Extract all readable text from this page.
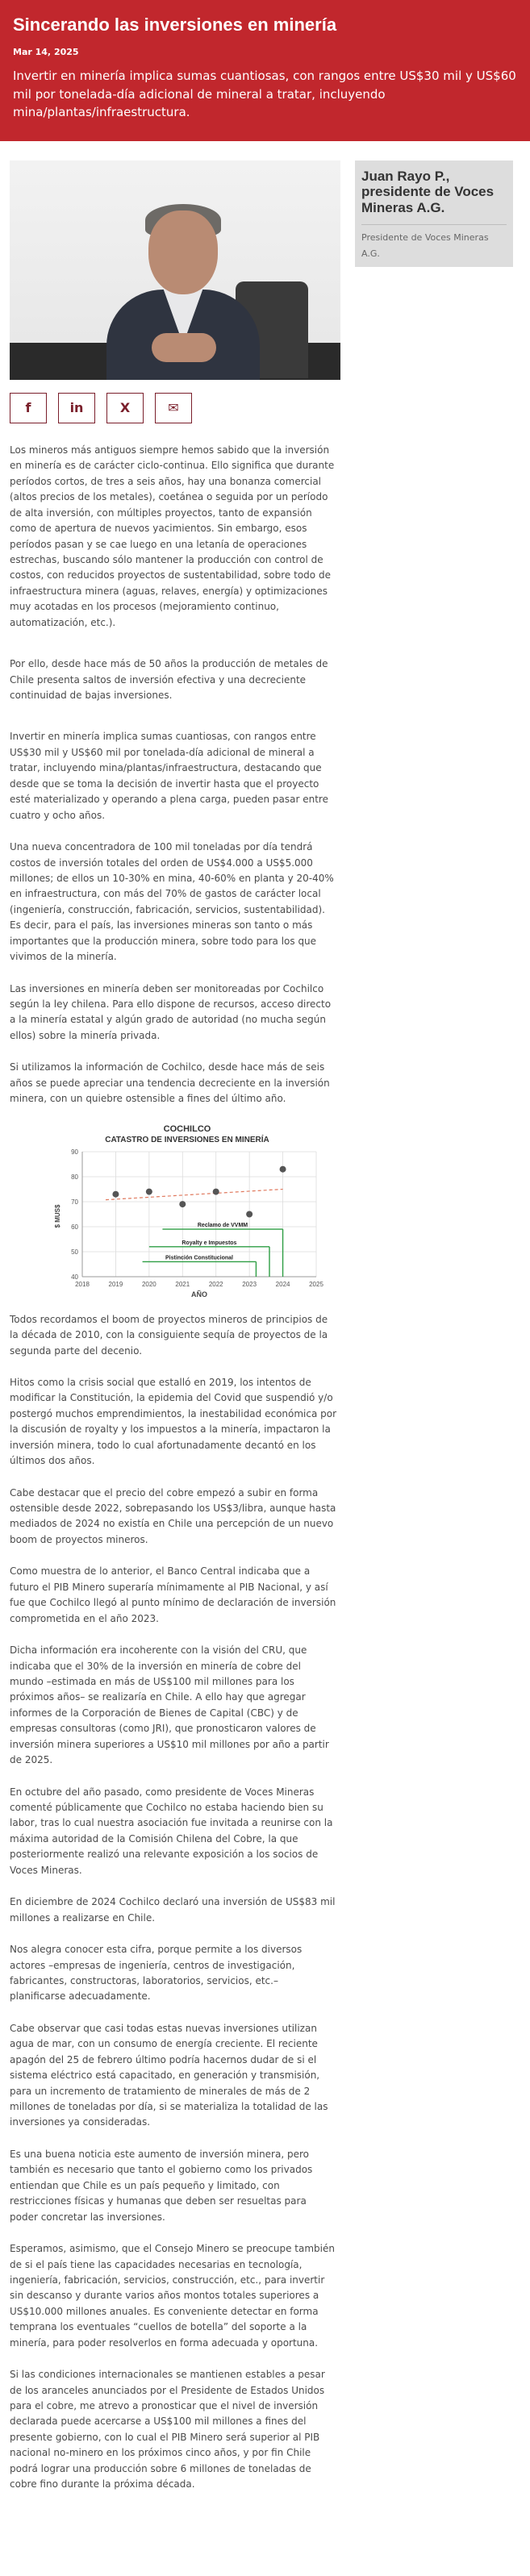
Sincerando las inversiones en minería
Mar 14, 2025
Invertir en minería implica sumas cuantiosas, con rangos entre US$30 mil y US$60 mil por tonelada-día adicional de mineral a tratar, incluyendo mina/plantas/infraestructura.
Juan Rayo P., presidente de Voces Mineras A.G.
Presidente de Voces Mineras A.G.
f	in	X	✉

Los mineros más antiguos siempre hemos sabido que la inversión en minería es de carácter ciclo-continua. Ello significa que durante períodos cortos, de tres a seis años, hay una bonanza comercial (altos precios de los metales), coetánea o seguida por un período de alta inversión, con múltiples proyectos, tanto de expansión como de apertura de nuevos yacimientos. Sin embargo, esos períodos pasan y se cae luego en una letanía de operaciones estrechas, buscando sólo mantener la producción con control de costos, con reducidos proyectos de sustentabilidad, sobre todo de infraestructura minera (aguas, relaves, energía) y optimizaciones muy acotadas en los procesos (mejoramiento continuo, automatización, etc.).

Por ello, desde hace más de 50 años la producción de metales de Chile presenta saltos de inversión efectiva y una decreciente continuidad de bajas inversiones.

Invertir en minería implica sumas cuantiosas, con rangos entre US$30 mil y US$60 mil por tonelada-día adicional de mineral a tratar, incluyendo mina/plantas/infraestructura, destacando que desde que se toma la decisión de invertir hasta que el proyecto esté materializado y operando a plena carga, pueden pasar entre cuatro y ocho años.

Una nueva concentradora de 100 mil toneladas por día tendrá costos de inversión totales del orden de US$4.000 a US$5.000 millones; de ellos un 10-30% en mina, 40-60% en planta y 20-40% en infraestructura, con más del 70% de gastos de carácter local (ingeniería, construcción, fabricación, servicios, sustentabilidad). Es decir, para el país, las inversiones mineras son tanto o más importantes que la producción minera, sobre todo para los que vivimos de la minería.

Las inversiones en minería deben ser monitoreadas por Cochilco según la ley chilena. Para ello dispone de recursos, acceso directo a la minería estatal y algún grado de autoridad (no mucha según ellos) sobre la minería privada.

Si utilizamos la información de Cochilco, desde hace más de seis años se puede apreciar una tendencia decreciente en la inversión minera, con un quiebre ostensible a fines del último año.

COCHILCO
CATASTRO DE INVERSIONES EN MINERÍA
Reclamo de VVMM
Royalty e Impuestos
Pistinción Constitucional
40
50
60
70
80
90
2018	2019	2020	2021	2022	2023	2024	2025
AÑO
$ MUS$

Todos recordamos el boom de proyectos mineros de principios de la década de 2010, con la consiguiente sequía de proyectos de la segunda parte del decenio.

Hitos como la crisis social que estalló en 2019, los intentos de modificar la Constitución, la epidemia del Covid que suspendió y/o postergó muchos emprendimientos, la inestabilidad económica por la discusión de royalty y los impuestos a la minería, impactaron la inversión minera, todo lo cual afortunadamente decantó en los últimos dos años.

Cabe destacar que el precio del cobre empezó a subir en forma ostensible desde 2022, sobrepasando los US$3/libra, aunque hasta mediados de 2024 no existía en Chile una percepción de un nuevo boom de proyectos mineros.

Como muestra de lo anterior, el Banco Central indicaba que a futuro el PIB Minero superaría mínimamente al PIB Nacional, y así fue que Cochilco llegó al punto mínimo de declaración de inversión comprometida en el año 2023.

Dicha información era incoherente con la visión del CRU, que indicaba que el 30% de la inversión en minería de cobre del mundo –estimada en más de US$100 mil millones para los próximos años– se realizaría en Chile. A ello hay que agregar informes de la Corporación de Bienes de Capital (CBC) y de empresas consultoras (como JRI), que pronosticaron valores de inversión minera superiores a US$10 mil millones por año a partir de 2025.

En octubre del año pasado, como presidente de Voces Mineras comenté públicamente que Cochilco no estaba haciendo bien su labor, tras lo cual nuestra asociación fue invitada a reunirse con la máxima autoridad de la Comisión Chilena del Cobre, la que posteriormente realizó una relevante exposición a los socios de Voces Mineras.

En diciembre de 2024 Cochilco declaró una inversión de US$83 mil millones a realizarse en Chile.

Nos alegra conocer esta cifra, porque permite a los diversos actores –empresas de ingeniería, centros de investigación, fabricantes, constructoras, laboratorios, servicios, etc.– planificarse adecuadamente.

Cabe observar que casi todas estas nuevas inversiones utilizan agua de mar, con un consumo de energía creciente. El reciente apagón del 25 de febrero último podría hacernos dudar de si el sistema eléctrico está capacitado, en generación y transmisión, para un incremento de tratamiento de minerales de más de 2 millones de toneladas por día, si se materializa la totalidad de las inversiones ya consideradas.

Es una buena noticia este aumento de inversión minera, pero también es necesario que tanto el gobierno como los privados entiendan que Chile es un país pequeño y limitado, con restricciones físicas y humanas que deben ser resueltas para poder concretar las inversiones.

Esperamos, asimismo, que el Consejo Minero se preocupe también de si el país tiene las capacidades necesarias en tecnología, ingeniería, fabricación, servicios, construcción, etc., para invertir sin descanso y durante varios años montos totales superiores a US$10.000 millones anuales. Es conveniente detectar en forma temprana los eventuales “cuellos de botella” del soporte a la minería, para poder resolverlos en forma adecuada y oportuna.

Si las condiciones internacionales se mantienen estables a pesar de los aranceles anunciados por el Presidente de Estados Unidos para el cobre, me atrevo a pronosticar que el nivel de inversión declarada puede acercarse a US$100 mil millones a fines del presente gobierno, con lo cual el PIB Minero será superior al PIB nacional no-minero en los próximos cinco años, y por fin Chile podrá lograr una producción sobre 6 millones de toneladas de cobre fino durante la próxima década.
